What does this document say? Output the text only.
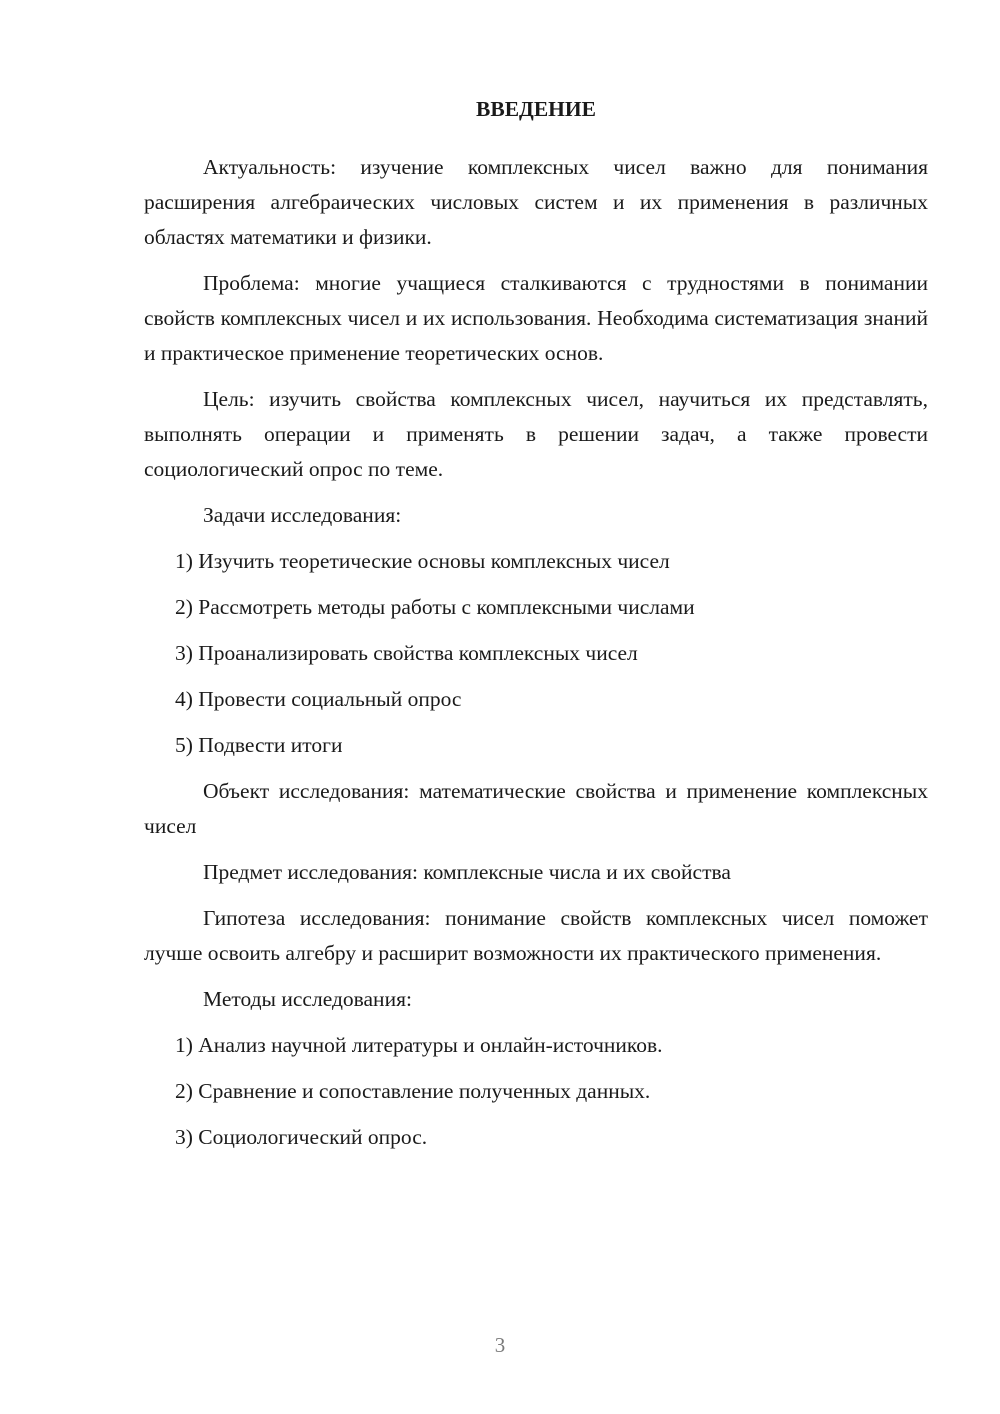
ВВЕДЕНИЕ

Актуальность: изучение комплексных чисел важно для понимания расширения алгебраических числовых систем и их применения в различных областях математики и физики.

Проблема: многие учащиеся сталкиваются с трудностями в понимании свойств комплексных чисел и их использования. Необходима систематизация знаний и практическое применение теоретических основ.

Цель: изучить свойства комплексных чисел, научиться их представлять, выполнять операции и применять в решении задач, а также провести социологический опрос по теме.

Задачи исследования:

1) Изучить теоретические основы комплексных чисел
2) Рассмотреть методы работы с комплексными числами
3) Проанализировать свойства комплексных чисел
4) Провести социальный опрос
5) Подвести итоги

Объект исследования: математические свойства и применение комплексных чисел

Предмет исследования: комплексные числа и их свойства

Гипотеза исследования: понимание свойств комплексных чисел поможет лучше освоить алгебру и расширит возможности их практического применения.

Методы исследования:

1) Анализ научной литературы и онлайн-источников.
2) Сравнение и сопоставление полученных данных.
3) Социологический опрос.
3
